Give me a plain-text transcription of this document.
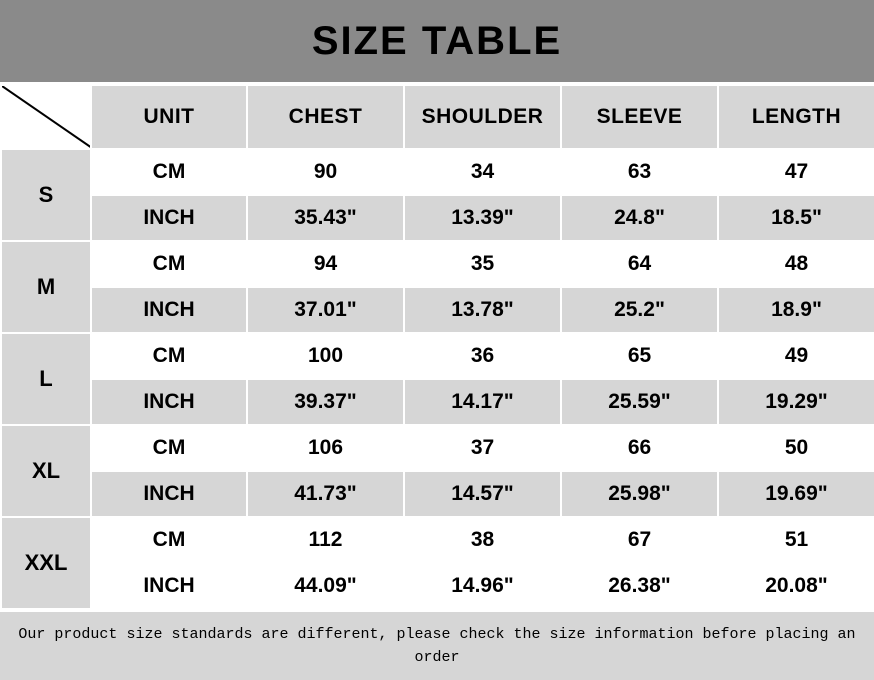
SIZE TABLE
	UNIT	CHEST	SHOULDER	SLEEVE	LENGTH
S	CM	90	34	63	47
	INCH	35.43"	13.39"	24.8"	18.5"
M	CM	94	35	64	48
	INCH	37.01"	13.78"	25.2"	18.9"
L	CM	100	36	65	49
	INCH	39.37"	14.17"	25.59"	19.29"
XL	CM	106	37	66	50
	INCH	41.73"	14.57"	25.98"	19.69"
XXL	CM	112	38	67	51
	INCH	44.09"	14.96"	26.38"	20.08"
Our product size standards are different, please check the size information before placing an order
